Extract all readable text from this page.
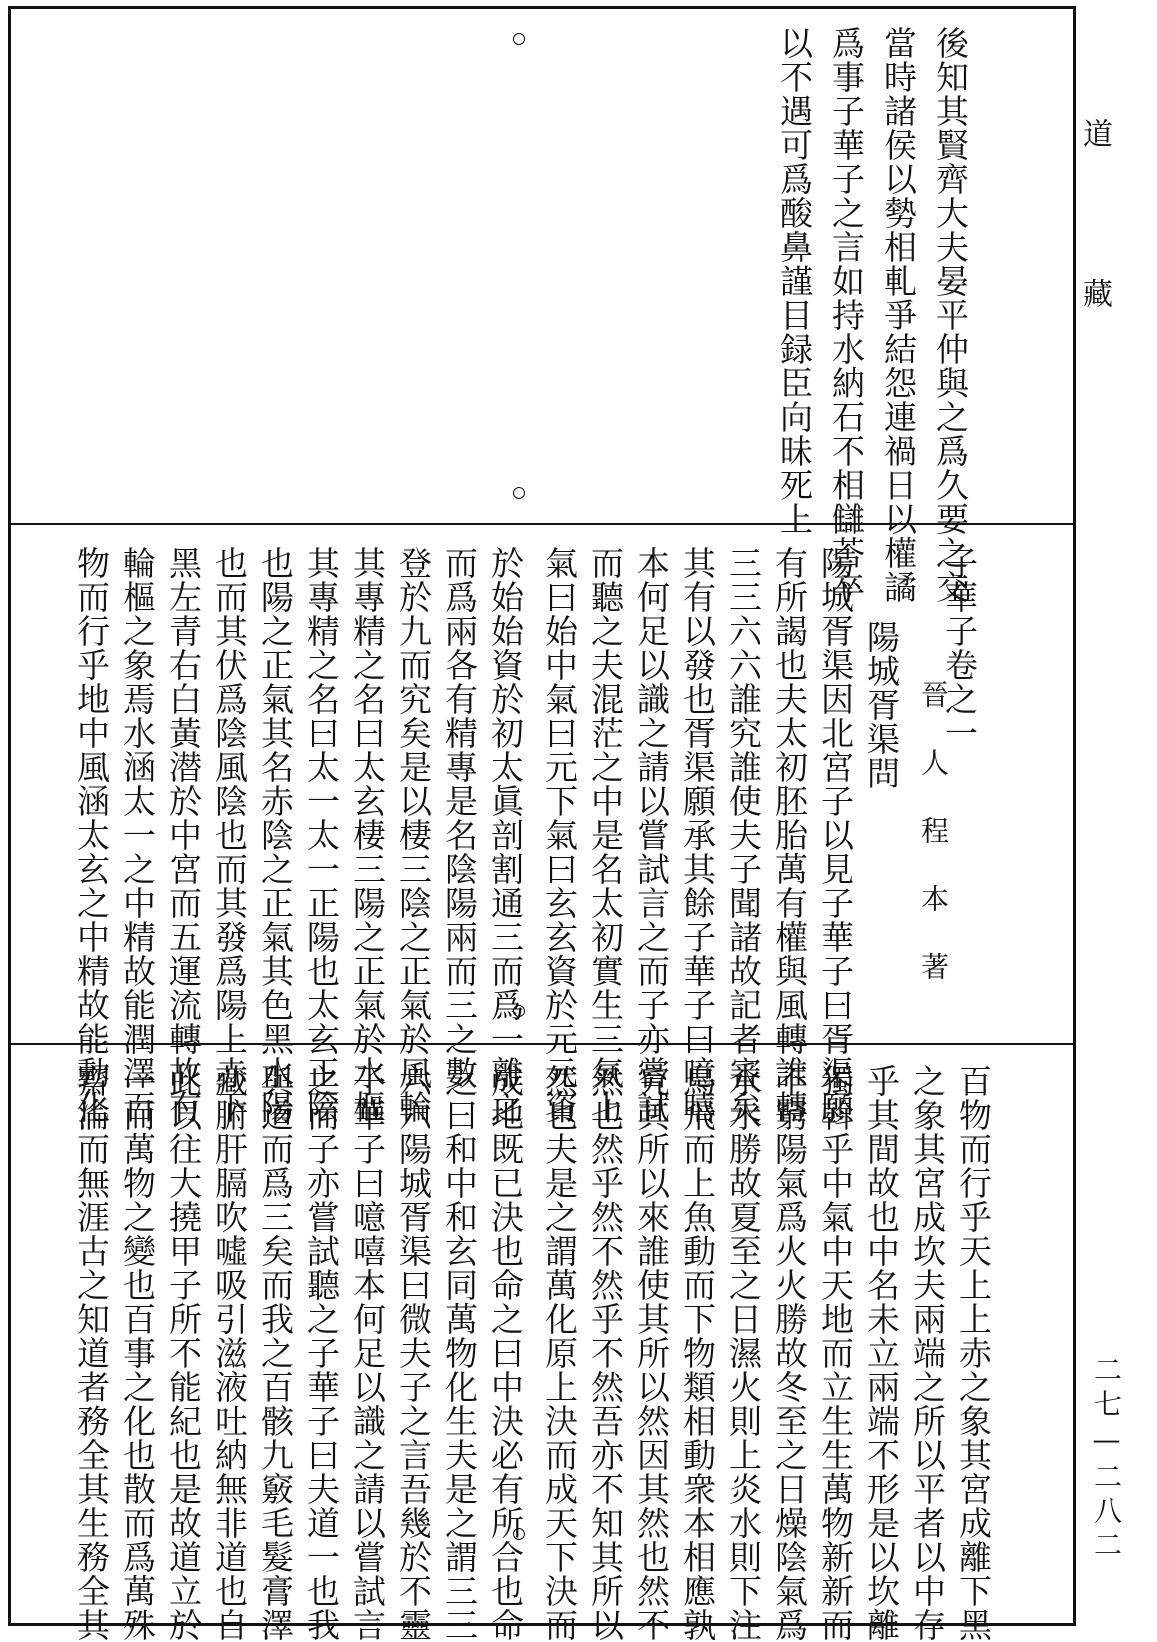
道
藏
二七—二八二
後知其賢齊大夫晏平仲與之爲久要之交
當時諸侯以勢相軋爭結怨連禍日以權譎
爲事子華子之言如持水納石不相讎荅卒
以不遇可爲酸鼻謹目録臣向昧死上
子華子卷之一
晉　人　程　本　著
陽城胥渠問
陽城胥渠因北宮子以見子華子曰胥渠願
有所謁也夫太初胚胎萬有權與風轉誰轉
三三六六誰究誰使夫子聞諸故記者審矣
其有以發也胥渠願承其餘子華子曰噫嘻
本何足以識之請以嘗試言之而子亦嘗試
而聽之夫混茫之中是名太初實生三氣上
氣曰始中氣曰元下氣曰玄玄資於元元資
於始始資於初太眞剖割通三而爲一離之
而爲兩各有精專是名陰陽兩而三之數
登於九而究矣是以棲三陰之正氣於風輪
其專精之名曰太玄棲三陽之正氣於水樞
其專精之名曰太一太一正陽也太玄正陰
也陽之正氣其名赤陰之正氣其色黑水陽
也而其伏爲陰風陰也而其發爲陽上赤下
黑左青右白黃潜於中宮而五運流轉故有
輪樞之象焉水涵太一之中精故能潤澤百
物而行乎地中風涵太玄之中精故能動化
百物而行乎天上上赤之象其宮成離下黑
之象其宮成坎夫兩端之所以平者以中存
乎其間故也中名未立兩端不形是以坎離
獨斡乎中氣中天地而立生生萬物新新而
不窮陽氣爲火火勝故冬至之日燥陰氣爲
水水勝故夏至之日濕火則上炎水則下注
鳥飛而上魚動而下物類相動衆本相應孰
究其所以來誰使其所以然因其然也然不
然也然乎然不然乎不然吾亦不知其所以
然也夫是之謂萬化原上決而成天下決而
成地既已決也命之曰中決必有所合也命
之曰和中和玄同萬物化生夫是之謂三三
六六陽城胥渠曰微夫子之言吾幾於不靈
子華子曰噫嘻本何足以識之請以嘗試言
之而子亦嘗試聽之子華子曰夫道一也我
與道而爲三矣而我之百骸九竅毛髮膏澤
藏腑肝膈吹噓吸引滋液吐納無非道也自
此以往大撓甲子所不能紀也是故道立於
一而萬物之變也百事之化也散而爲萬殊
齋淪而無涯古之知道者務全其生務全其
